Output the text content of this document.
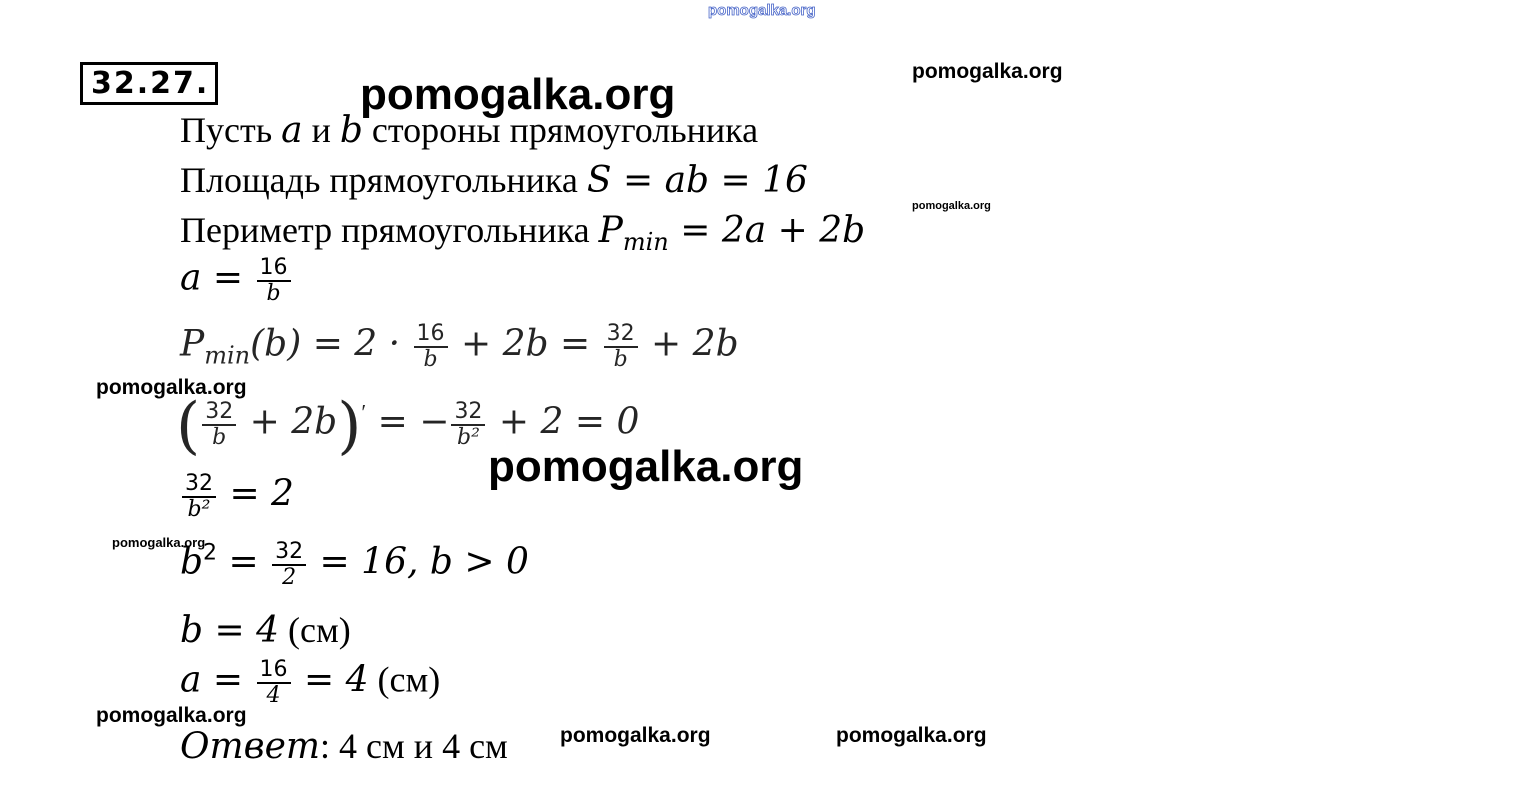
pomogalka.org
pomogalka.org	pomogalka.org
pomogalka.org
pomogalka.org
pomogalka.org
pomogalka.org
pomogalka.org
pomogalka.org	pomogalka.org
32.27.
Пусть a и b стороны прямоугольника
Площадь прямоугольника S = ab = 16
Периметр прямоугольника $P_{min} = 2a + 2b$
$a = \frac{16}{b}$
$P_{min}(b) = 2 \cdot \frac{16}{b} + 2b = \frac{32}{b} + 2b$
( $\frac{32}{b} + 2b)'$ = − $\frac{32}{\text{b²}} + 2 = 0$
$\frac{32}{\text{b²}} = 2$
$b^2 = \frac{32}{2} = 16$, b > 0
b = 4 (см)
$a = \frac{16}{4} = 4$ (см)
Ответ: 4 см и 4 см
